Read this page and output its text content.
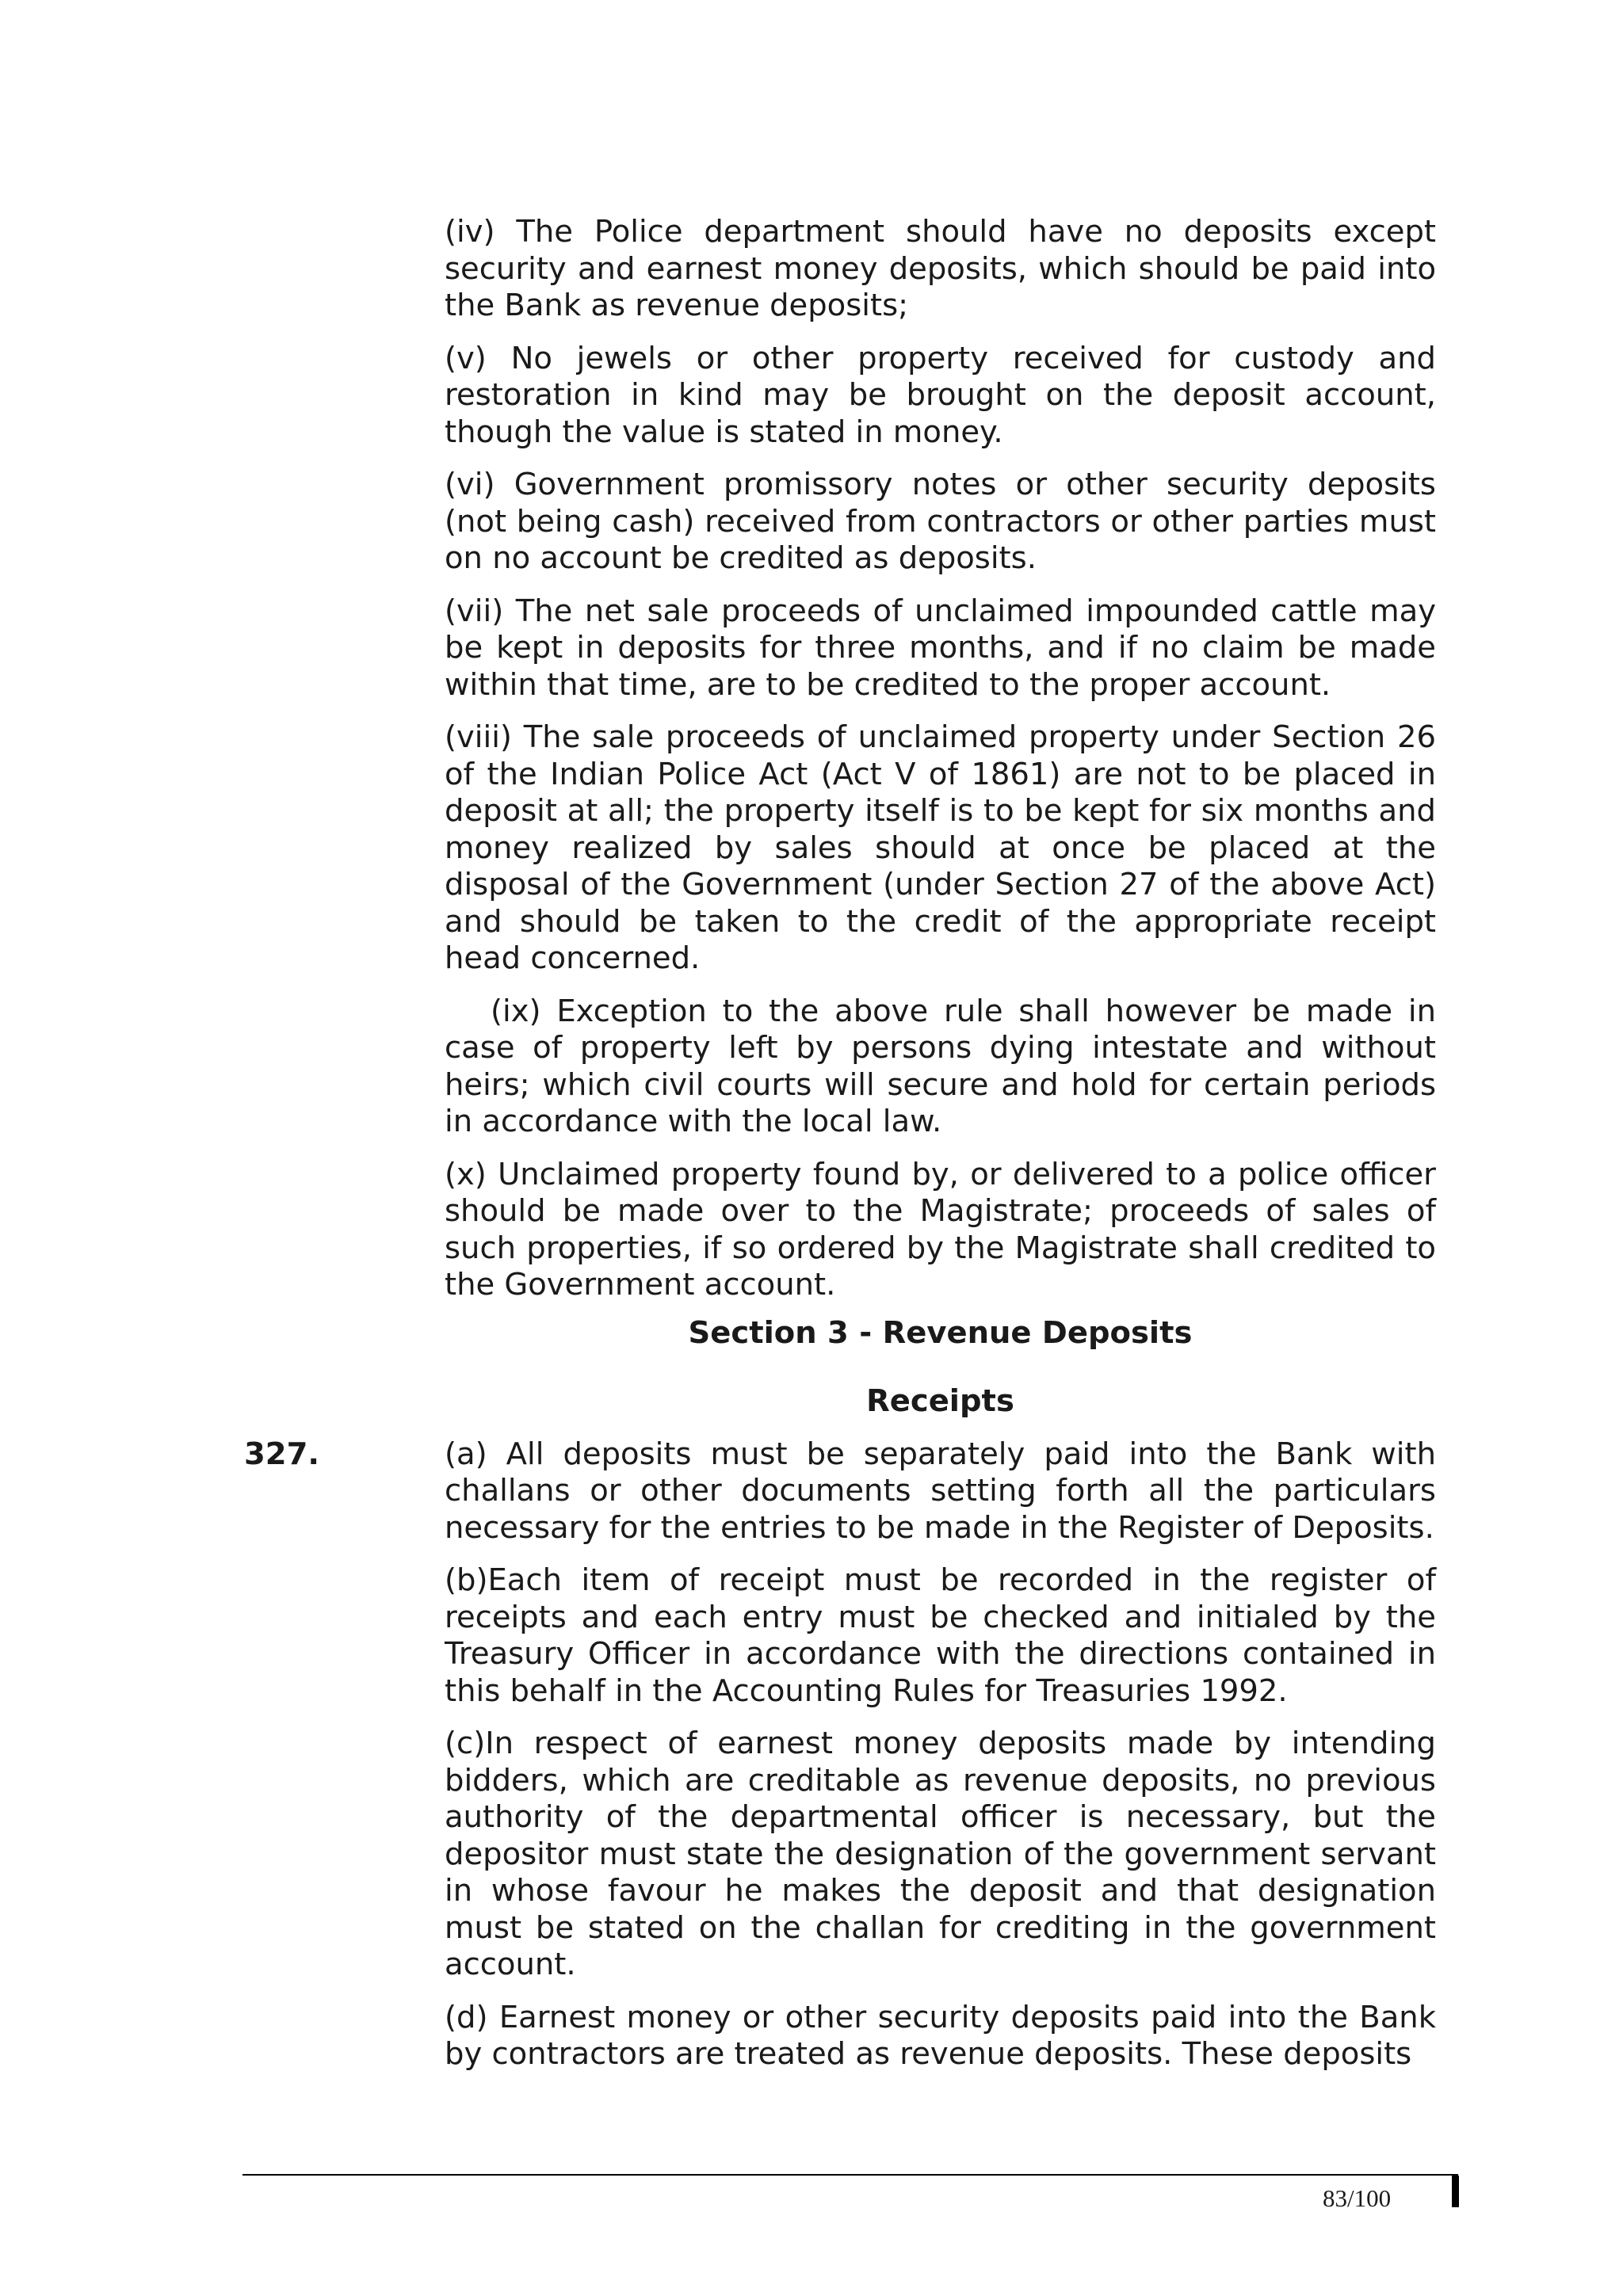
(iv) The Police department should have no deposits except security and earnest money deposits, which should be paid into the Bank as revenue deposits;

(v) No jewels or other property received for custody and restoration in kind may be brought on the deposit account, though the value is stated in money.

(vi) Government promissory notes or other security deposits (not being cash) received from contractors or other parties must on no account be credited as deposits.

(vii) The net sale proceeds of unclaimed impounded cattle may be kept in deposits for three months, and if no claim be made within that time, are to be credited to the proper account.

(viii) The sale proceeds of unclaimed property under Section 26 of the Indian Police Act (Act V of 1861) are not to be placed in deposit at all; the property itself is to be kept for six months and money realized by sales should at once be placed at the disposal of the Government (under Section 27 of the above Act) and should be taken to the credit of the appropriate receipt head concerned.

(ix) Exception to the above rule shall however be made in case of property left by persons dying intestate and without heirs; which civil courts will secure and hold for certain periods in accordance with the local law.

(x) Unclaimed property found by, or delivered to a police officer should be made over to the Magistrate; proceeds of sales of such properties, if so ordered by the Magistrate shall credited to the Government account.

Section 3 - Revenue Deposits
Receipts
327.	(a) All deposits must be separately paid into the Bank with challans or other documents setting forth all the particulars necessary for the entries to be made in the Register of Deposits.

(b)Each item of receipt must be recorded in the register of receipts and each entry must be checked and initialed by the Treasury Officer in accordance with the directions contained in this behalf in the Accounting Rules for Treasuries 1992.

(c)In respect of earnest money deposits made by intending bidders, which are creditable as revenue deposits, no previous authority of the departmental officer is necessary, but the depositor must state the designation of the government servant in whose favour he makes the deposit and that designation must be stated on the challan for crediting in the government account.

(d) Earnest money or other security deposits paid into the Bank by contractors are treated as revenue deposits. These deposits

83/100
